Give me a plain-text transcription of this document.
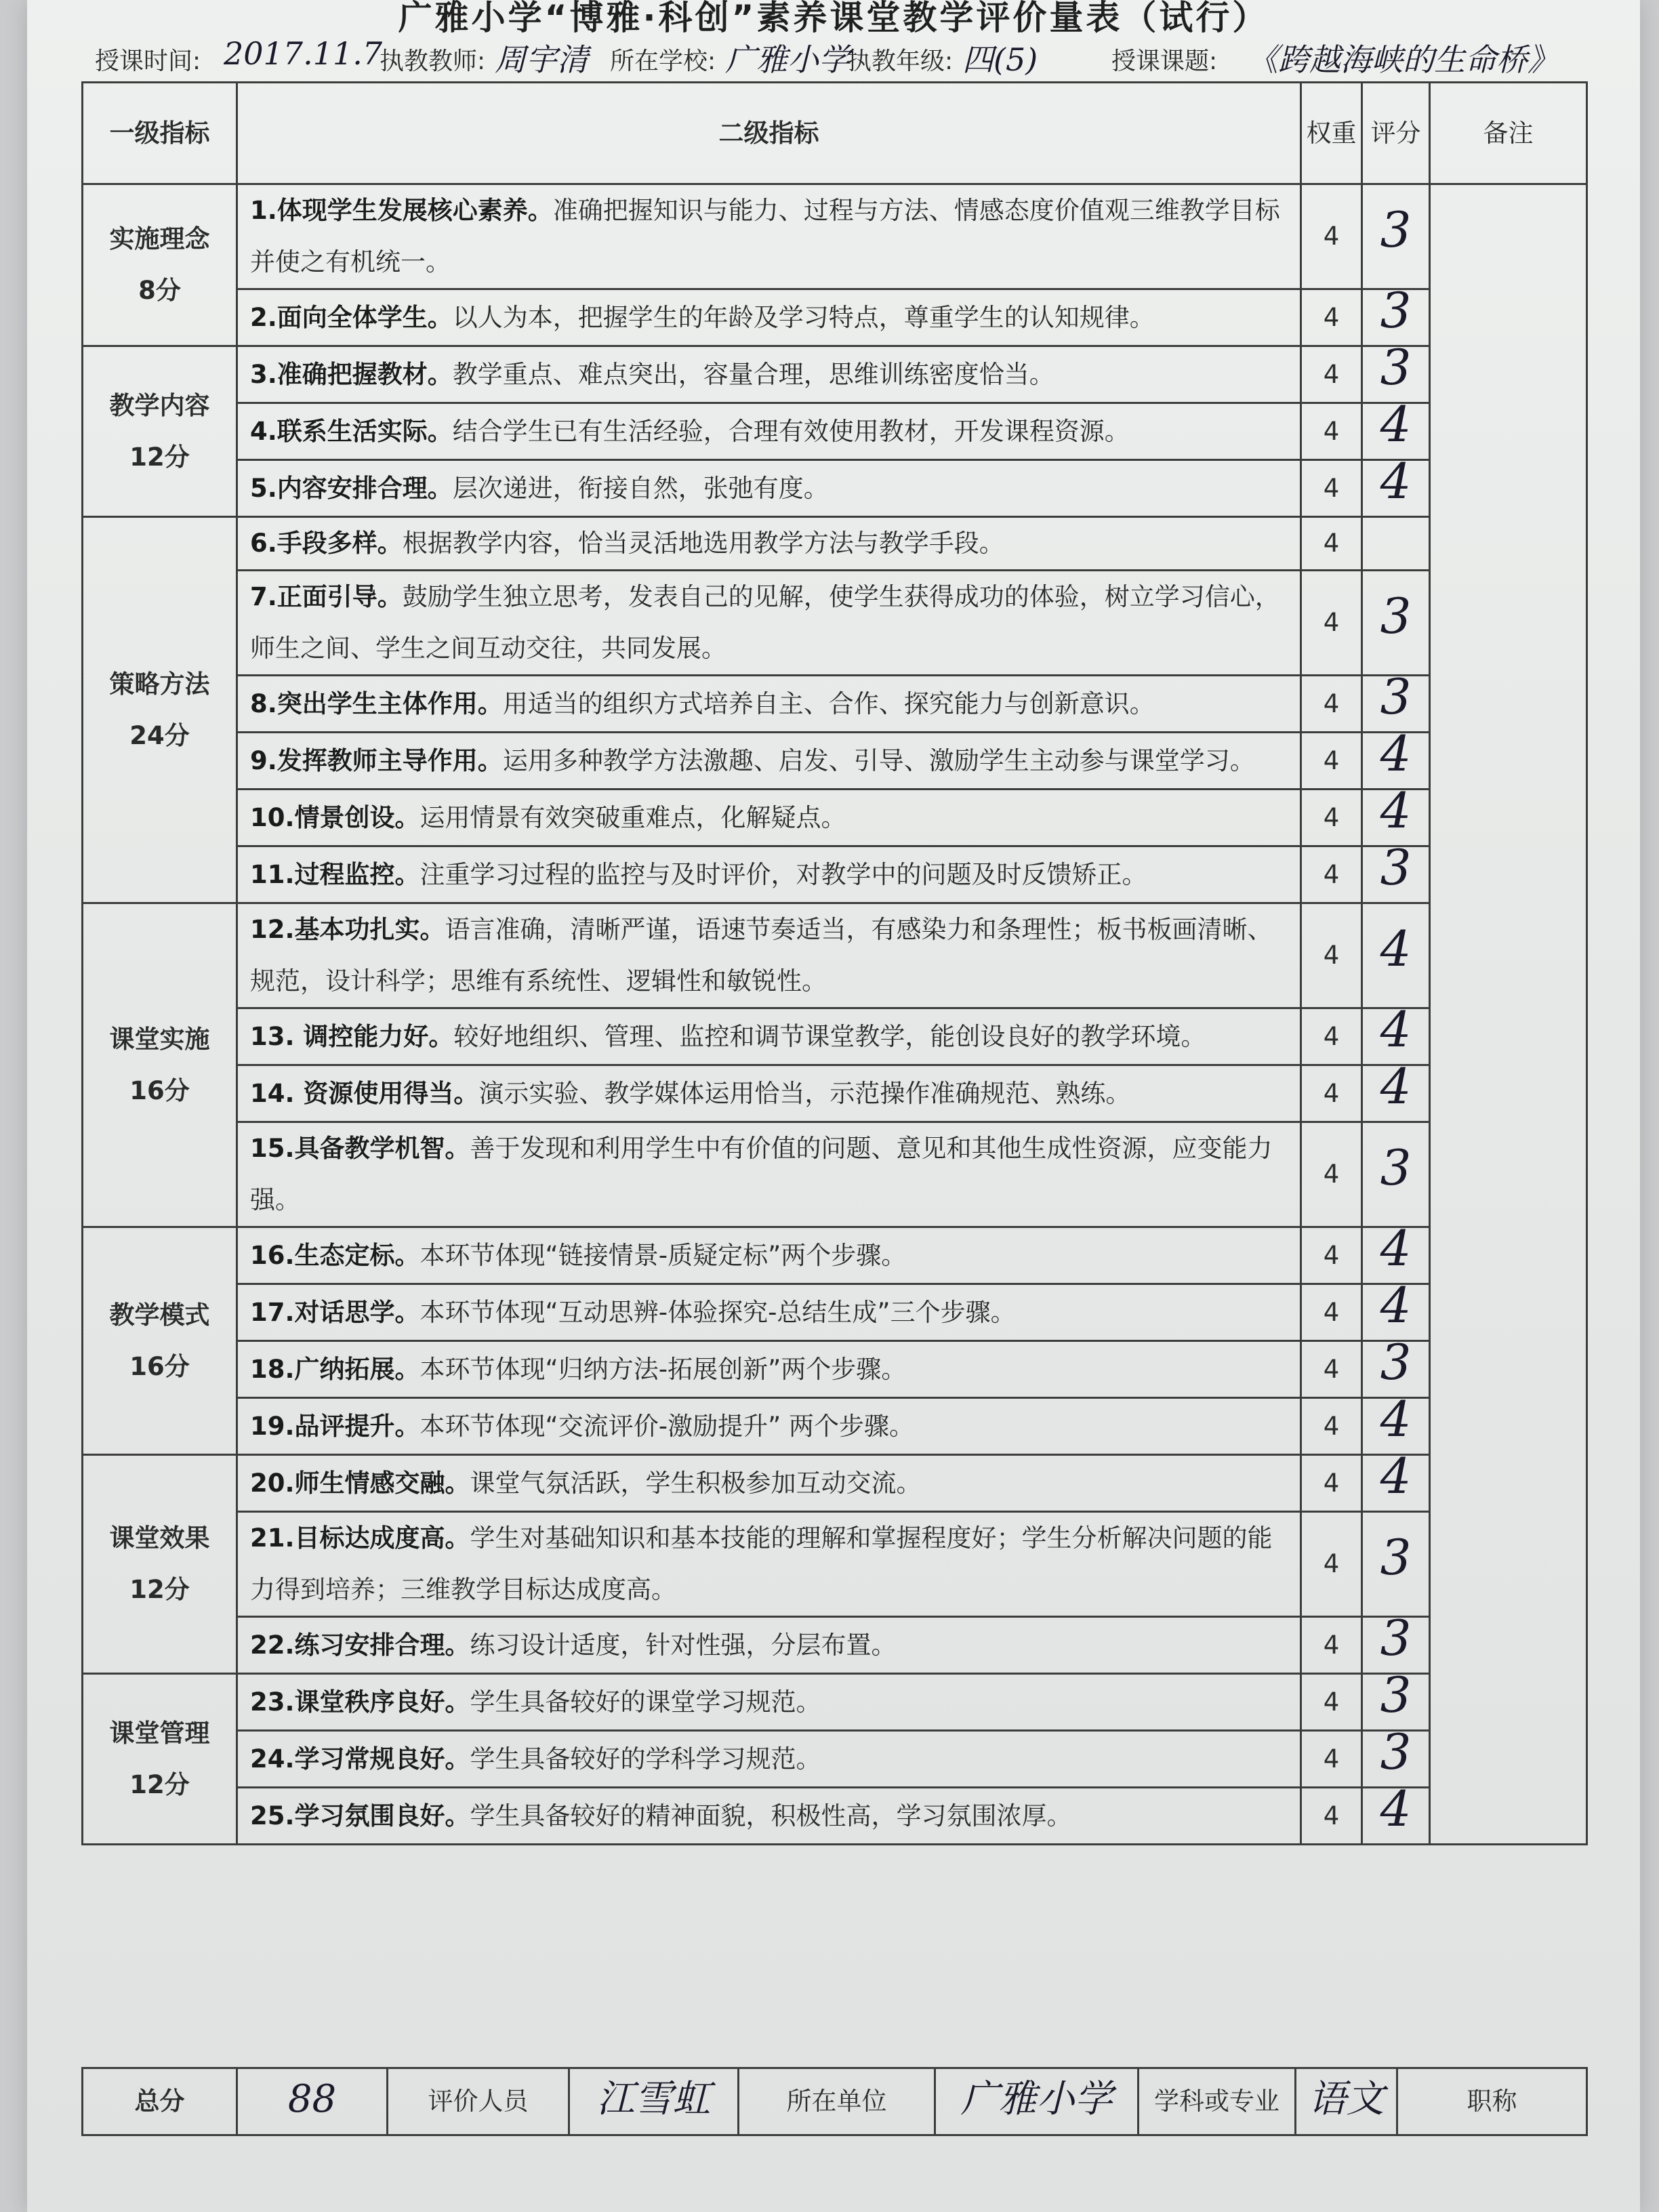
广雅小学“博雅·科创”素养课堂教学评价量表（试行）
授课时间: 2017.11.7
执教教师: 周宇清 所在学校: 广雅小学
执教年级: 四(5)	授课课题: 《跨越海峡的生命桥》
一级指标	二级指标	权重	评分	备注
实施理念
8分	1.体现学生发展核心素养。准确把握知识与能力、过程与方法、情感态度价值观三维教学目标并使之有机统一。	4	3	
	2.面向全体学生。以人为本，把握学生的年龄及学习特点，尊重学生的认知规律。	4	3	
教学内容
12分	3.准确把握教材。教学重点、难点突出，容量合理，思维训练密度恰当。	4	3	
	4.联系生活实际。结合学生已有生活经验，合理有效使用教材，开发课程资源。	4	4	
	5.内容安排合理。层次递进，衔接自然，张弛有度。	4	4	
策略方法
24分	6.手段多样。根据教学内容，恰当灵活地选用教学方法与教学手段。	4		
	7.正面引导。鼓励学生独立思考，发表自己的见解，使学生获得成功的体验，树立学习信心，师生之间、学生之间互动交往，共同发展。	4	3	
	8.突出学生主体作用。用适当的组织方式培养自主、合作、探究能力与创新意识。	4	3	
	9.发挥教师主导作用。运用多种教学方法激趣、启发、引导、激励学生主动参与课堂学习。	4	4	
	10.情景创设。运用情景有效突破重难点，化解疑点。	4	4	
	11.过程监控。注重学习过程的监控与及时评价，对教学中的问题及时反馈矫正。	4	3	
课堂实施
16分	12.基本功扎实。语言准确，清晰严谨，语速节奏适当，有感染力和条理性；板书板画清晰、规范，设计科学；思维有系统性、逻辑性和敏锐性。	4	4	
	13. 调控能力好。较好地组织、管理、监控和调节课堂教学，能创设良好的教学环境。	4	4	
	14. 资源使用得当。演示实验、教学媒体运用恰当，示范操作准确规范、熟练。	4	4	
	15.具备教学机智。善于发现和利用学生中有价值的问题、意见和其他生成性资源，应变能力强。	4	3	
教学模式
16分	16.生态定标。本环节体现“链接情景-质疑定标”两个步骤。	4	4	
	17.对话思学。本环节体现“互动思辨-体验探究-总结生成”三个步骤。	4	4	
	18.广纳拓展。本环节体现“归纳方法-拓展创新”两个步骤。	4	3	
	19.品评提升。本环节体现“交流评价-激励提升” 两个步骤。	4	4	
课堂效果
12分	20.师生情感交融。课堂气氛活跃，学生积极参加互动交流。	4	4	
	21.目标达成度高。学生对基础知识和基本技能的理解和掌握程度好；学生分析解决问题的能力得到培养；三维教学目标达成度高。	4	3	
	22.练习安排合理。练习设计适度，针对性强，分层布置。	4	3	
课堂管理
12分	23.课堂秩序良好。学生具备较好的课堂学习规范。	4	3	
	24.学习常规良好。学生具备较好的学科学习规范。	4	3	
	25.学习氛围良好。学生具备较好的精神面貌，积极性高，学习氛围浓厚。	4	4	
总分	88	评价人员	江雪虹	所在单位	广雅小学	学科或专业	语文	职称
